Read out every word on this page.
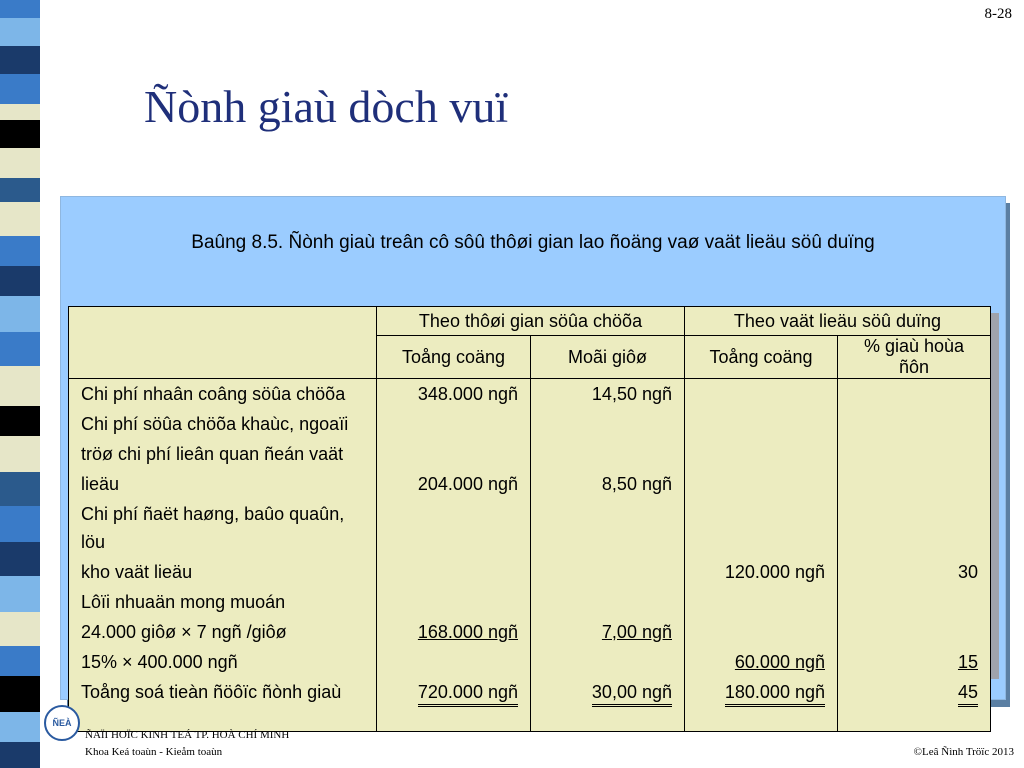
8-28
Ñònh giaù dòch vuï

Baûng 8.5. Ñònh giaù treân cô sôû thôøi gian lao ñoäng vaø vaät lieäu söû duïng

	Theo thôøi gian söûa chöõa		Theo vaät lieäu söû duïng	
	Toång coäng	Moãi giôø	Toång coäng	% giaù hoùa ñôn
Chi phí nhaân coâng söûa chöõa	348.000 ngñ	14,50 ngñ		
Chi phí söûa chöõa khaùc, ngoaïi				
tröø chi phí lieân quan ñeán vaät				
lieäu	204.000 ngñ	8,50 ngñ		
Chi phí ñaët haøng, baûo quaûn, löu				
kho vaät lieäu			120.000 ngñ	30
Lôïi nhuaän mong muoán				
24.000 giôø × 7 ngñ /giôø	168.000 ngñ	7,00 ngñ		
15% × 400.000 ngñ			60.000 ngñ	15
Toång soá tieàn ñöôïc ñònh giaù	720.000 ngñ	30,00 ngñ	180.000 ngñ	45
ÑEÀ
ÑAÏI HOÏC KINH TEÁ TP. HOÀ CHÍ MINH
Khoa Keá toaùn - Kieåm toaùn	©Leâ Ñình Tröïc 2013
